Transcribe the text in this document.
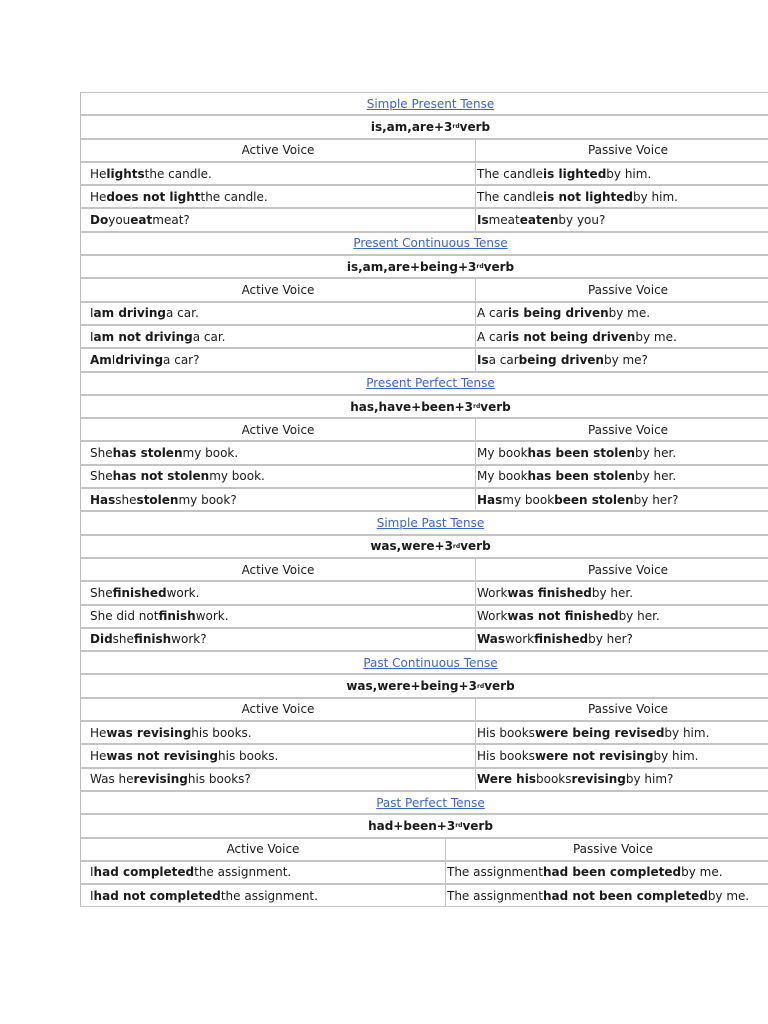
Simple Present Tense
is,am,are+3 rd verb
Active Voice	Passive Voice
He lights the candle.	The candle is lighted by him.
He does not light the candle.	The candle is not lighted by him.
Do you eat meat?	Is meat eaten by you?
Present Continuous Tense
is,am,are+being+3 rd verb
Active Voice	Passive Voice
I am driving a car.	A car is being driven by me.
I am not driving a car.	A car is not being driven by me.
Am I driving a car?	Is a car being driven by me?
Present Perfect Tense
has,have+been+3 rd verb
Active Voice	Passive Voice
She has stolen my book.	My book has been stolen by her.
She has not stolen my book.	My book has been stolen by her.
Has she stolen my book?	Has my book been stolen by her?
Simple Past Tense
was,were+3 rd verb
Active Voice	Passive Voice
She finished work.	Work was finished by her.
She did not finish work.	Work was not finished by her.
Did she finish work?	Was work finished by her?
Past Continuous Tense
was,were+being+3 rd verb
Active Voice	Passive Voice
He was revising his books.	His books were being revised by him.
He was not revising his books.	His books were not revising by him.
Was he revising his books?	Were his books revising by him?
Past Perfect Tense
had+been+3 rd verb
Active Voice	Passive Voice
I had completed the assignment.	The assignment had been completed by me.
I had not completed the assignment.	The assignment had not been completed by me.
